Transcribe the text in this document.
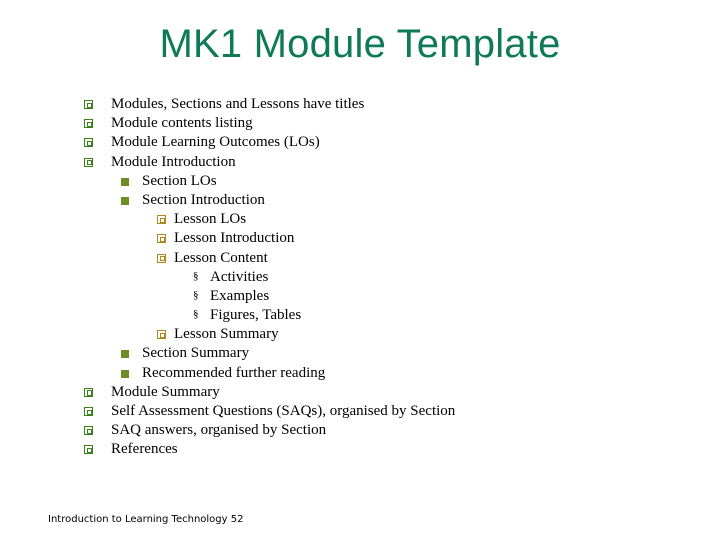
MK1 Module Template
Modules, Sections and Lessons have titles
Module contents listing
Module Learning Outcomes (LOs)
Module Introduction
Section LOs
Section Introduction
Lesson LOs
Lesson Introduction
Lesson Content
§ Activities
§ Examples
§ Figures, Tables
Lesson Summary
Section Summary
Recommended further reading
Module Summary
Self Assessment Questions (SAQs), organised by Section
SAQ answers, organised by Section
References
Introduction to Learning Technology 52
